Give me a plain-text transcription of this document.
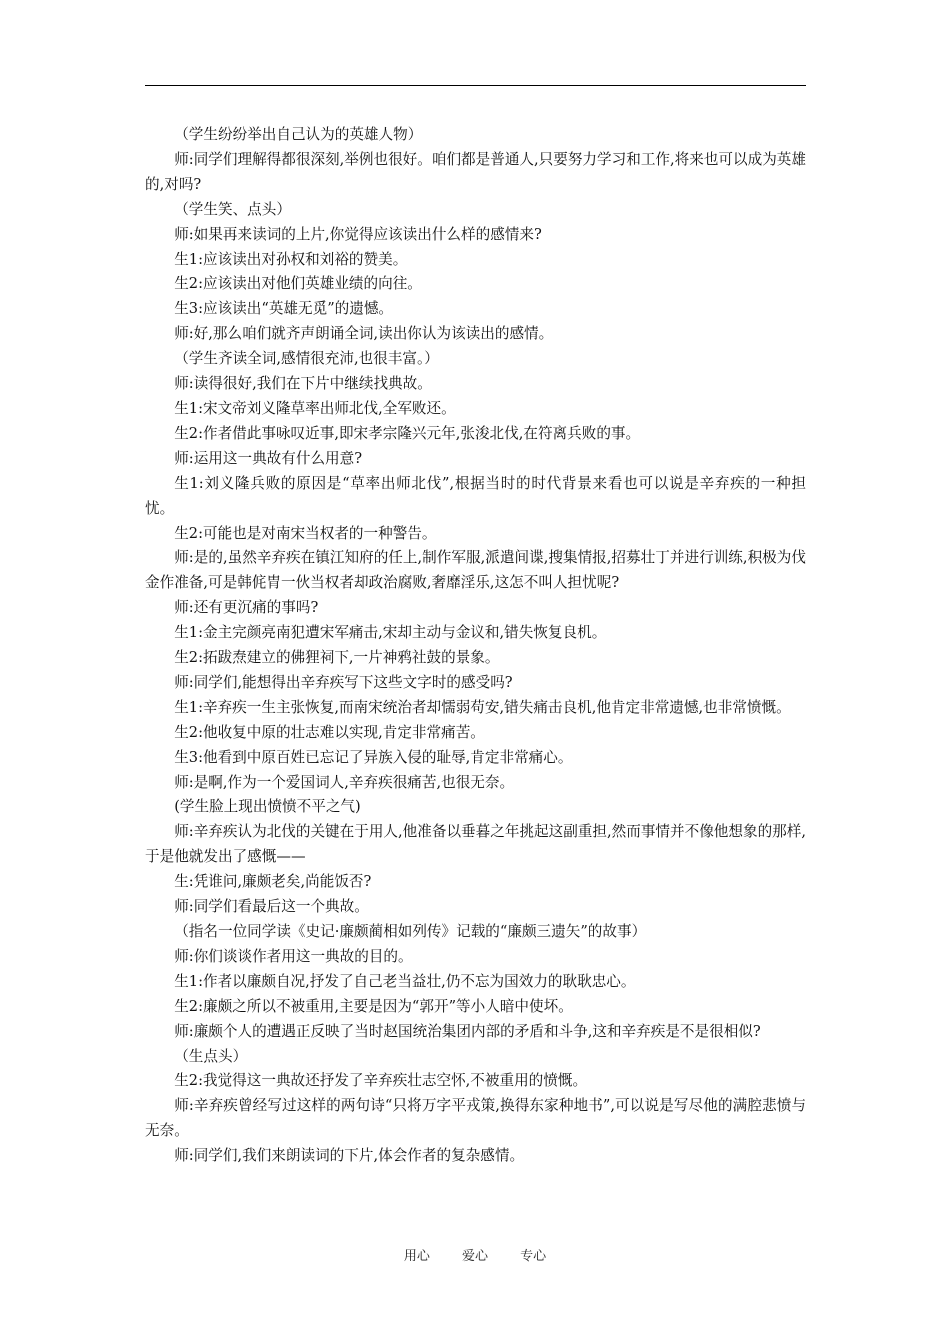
（学生纷纷举出自己认为的英雄人物）

师:同学们理解得都很深刻,举例也很好。咱们都是普通人,只要努力学习和工作,将来也可以成为英雄的,对吗?

（学生笑、点头）

师:如果再来读词的上片,你觉得应该读出什么样的感情来?

生1:应该读出对孙权和刘裕的赞美。

生2:应该读出对他们英雄业绩的向往。

生3:应该读出“英雄无觅”的遗憾。

师:好,那么咱们就齐声朗诵全词,读出你认为该读出的感情。

（学生齐读全词,感情很充沛,也很丰富。）

师:读得很好,我们在下片中继续找典故。

生1:宋文帝刘义隆草率出师北伐,全军败还。

生2:作者借此事咏叹近事,即宋孝宗隆兴元年,张浚北伐,在符离兵败的事。

师:运用这一典故有什么用意?

生1:刘义隆兵败的原因是“草率出师北伐”,根据当时的时代背景来看也可以说是辛弃疾的一种担忧。

生2:可能也是对南宋当权者的一种警告。

师:是的,虽然辛弃疾在镇江知府的任上,制作军服,派遣间谍,搜集情报,招募壮丁并进行训练,积极为伐金作准备,可是韩侂胄一伙当权者却政治腐败,奢靡淫乐,这怎不叫人担忧呢?

师:还有更沉痛的事吗?

生1:金主完颜亮南犯遭宋军痛击,宋却主动与金议和,错失恢复良机。

生2:拓跋焘建立的佛狸祠下,一片神鸦社鼓的景象。

师:同学们,能想得出辛弃疾写下这些文字时的感受吗?

生1:辛弃疾一生主张恢复,而南宋统治者却懦弱苟安,错失痛击良机,他肯定非常遗憾,也非常愤慨。

生2:他收复中原的壮志难以实现,肯定非常痛苦。

生3:他看到中原百姓已忘记了异族入侵的耻辱,肯定非常痛心。

师:是啊,作为一个爱国词人,辛弃疾很痛苦,也很无奈。

(学生脸上现出愤愤不平之气)

师:辛弃疾认为北伐的关键在于用人,他准备以垂暮之年挑起这副重担,然而事情并不像他想象的那样,于是他就发出了感慨——

生:凭谁问,廉颇老矣,尚能饭否?

师:同学们看最后这一个典故。

（指名一位同学读《史记·廉颇蔺相如列传》记载的“廉颇三遗矢”的故事）

师:你们谈谈作者用这一典故的目的。

生1:作者以廉颇自况,抒发了自己老当益壮,仍不忘为国效力的耿耿忠心。

生2:廉颇之所以不被重用,主要是因为“郭开”等小人暗中使坏。

师:廉颇个人的遭遇正反映了当时赵国统治集团内部的矛盾和斗争,这和辛弃疾是不是很相似?

（生点头）

生2:我觉得这一典故还抒发了辛弃疾壮志空怀,不被重用的愤慨。

师:辛弃疾曾经写过这样的两句诗“只将万字平戎策,换得东家种地书”,可以说是写尽他的满腔悲愤与无奈。

师:同学们,我们来朗读词的下片,体会作者的复杂感情。

用心 爱心 专心
